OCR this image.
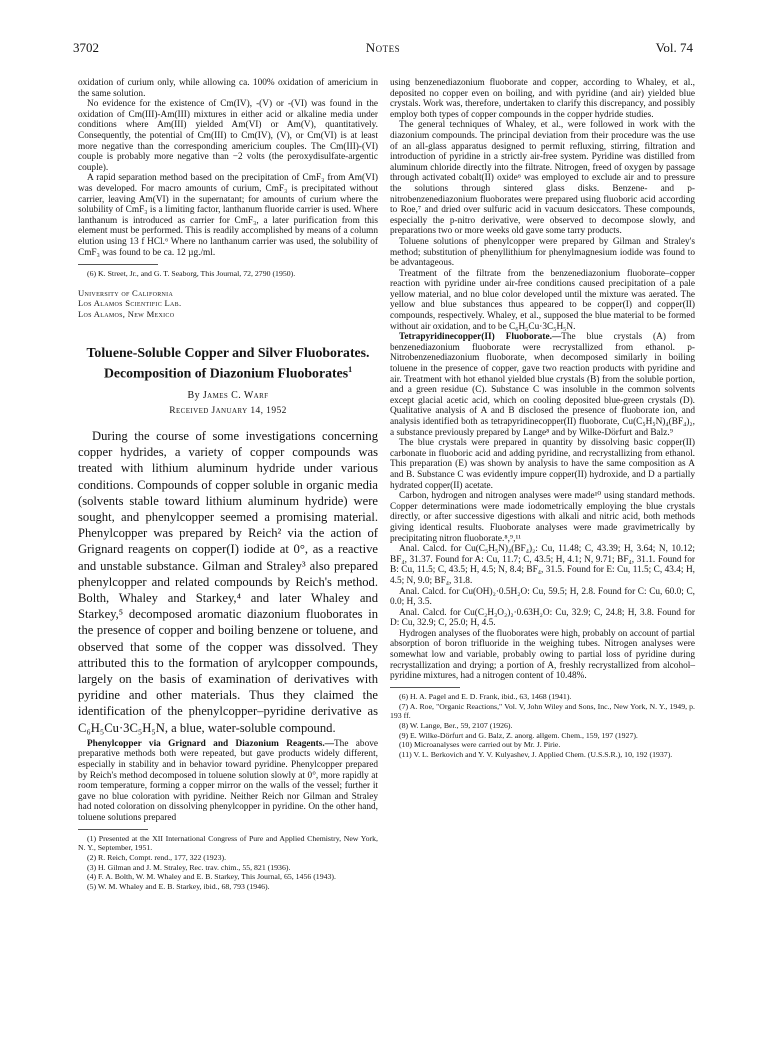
3702	Notes	Vol. 74

oxidation of curium only, while allowing ca. 100% oxidation of americium in the same solution.

No evidence for the existence of Cm(IV), -(V) or -(VI) was found in the oxidation of Cm(III)-Am(III) mixtures in either acid or alkaline media under conditions where Am(III) yielded Am(VI) or Am(V), quantitatively. Consequently, the potential of Cm(III) to Cm(IV), (V), or Cm(VI) is at least more negative than the corresponding americium couples. The Cm(III)-(VI) couple is probably more negative than −2 volts (the peroxydisulfate-argentic couple).

A rapid separation method based on the precipitation of CmF₃ from Am(VI) was developed. For macro amounts of curium, CmF₃ is precipitated without carrier, leaving Am(VI) in the supernatant; for amounts of curium where the solubility of CmF₃ is a limiting factor, lanthanum fluoride carrier is used. Where lanthanum is introduced as carrier for CmF₃, a later purification from this element must be performed. This is readily accomplished by means of a column elution using 13 f HCl.⁶ Where no lanthanum carrier was used, the solubility of CmF₃ was found to be ca. 12 µg./ml.

(6) K. Street, Jr., and G. T. Seaborg, This Journal, 72, 2790 (1950).

University of California
Los Alamos Scientific Lab.
Los Alamos, New Mexico
Toluene-Soluble Copper and Silver Fluoborates. Decomposition of Diazonium Fluoborates$^1$
By James C. Warf
Received January 14, 1952

During the course of some investigations concerning copper hydrides, a variety of copper compounds was treated with lithium aluminum hydride under various conditions. Compounds of copper soluble in organic media (solvents stable toward lithium aluminum hydride) were sought, and phenylcopper seemed a promising material. Phenylcopper was prepared by Reich² via the action of Grignard reagents on copper(I) iodide at 0°, as a reactive and unstable substance. Gilman and Straley³ also prepared phenylcopper and related compounds by Reich's method. Bolth, Whaley and Starkey,⁴ and later Whaley and Starkey,⁵ decomposed aromatic diazonium fluoborates in the presence of copper and boiling benzene or toluene, and observed that some of the copper was dissolved. They attributed this to the formation of arylcopper compounds, largely on the basis of examination of derivatives with pyridine and other materials. Thus they claimed the identification of the phenylcopper–pyridine derivative as C₆H₅Cu·3C₅H₅N, a blue, water-soluble compound.

Phenylcopper via Grignard and Diazonium Reagents.—The above preparative methods both were repeated, but gave products widely different, especially in stability and in behavior toward pyridine. Phenylcopper prepared by Reich's method decomposed in toluene solution slowly at 0°, more rapidly at room temperature, forming a copper mirror on the walls of the vessel; further it gave no blue coloration with pyridine. Neither Reich nor Gilman and Straley had noted coloration on dissolving phenylcopper in pyridine. On the other hand, toluene solutions prepared

(1) Presented at the XII International Congress of Pure and Applied Chemistry, New York, N. Y., September, 1951.

(2) R. Reich, Compt. rend., 177, 322 (1923).

(3) H. Gilman and J. M. Straley, Rec. trav. chim., 55, 821 (1936).

(4) F. A. Bolth, W. M. Whaley and E. B. Starkey, This Journal, 65, 1456 (1943).

(5) W. M. Whaley and E. B. Starkey, ibid., 68, 793 (1946).

using benzenediazonium fluoborate and copper, according to Whaley, et al., deposited no copper even on boiling, and with pyridine (and air) yielded blue crystals. Work was, therefore, undertaken to clarify this discrepancy, and possibly employ both types of copper compounds in the copper hydride studies.

The general techniques of Whaley, et al., were followed in work with the diazonium compounds. The principal deviation from their procedure was the use of an all-glass apparatus designed to permit refluxing, stirring, filtration and introduction of pyridine in a strictly air-free system. Pyridine was distilled from aluminum chloride directly into the filtrate. Nitrogen, freed of oxygen by passage through activated cobalt(II) oxide⁶ was employed to exclude air and to pressure the solutions through sintered glass disks. Benzene- and p-nitrobenzenediazonium fluoborates were prepared using fluoboric acid according to Roe,⁷ and dried over sulfuric acid in vacuum desiccators. These compounds, especially the p-nitro derivative, were observed to decompose slowly, and preparations two or more weeks old gave some tarry products.

Toluene solutions of phenylcopper were prepared by Gilman and Straley's method; substitution of phenyllithium for phenylmagnesium iodide was found to be advantageous.

Treatment of the filtrate from the benzenediazonium fluoborate–copper reaction with pyridine under air-free conditions caused precipitation of a pale yellow material, and no blue color developed until the mixture was aerated. The yellow and blue substances thus appeared to be copper(I) and copper(II) compounds, respectively. Whaley, et al., supposed the blue material to be formed without air oxidation, and to be C₆H₅Cu·3C₅H₅N.

Tetrapyridinecopper(II) Fluoborate.—The blue crystals (A) from benzenediazonium fluoborate were recrystallized from ethanol. p-Nitrobenzenediazonium fluoborate, when decomposed similarly in boiling toluene in the presence of copper, gave two reaction products with pyridine and air. Treatment with hot ethanol yielded blue crystals (B) from the soluble portion, and a green residue (C). Substance C was insoluble in the common solvents except glacial acetic acid, which on cooling deposited blue-green crystals (D). Qualitative analysis of A and B disclosed the presence of fluoborate ion, and analysis identified both as tetrapyridinecopper(II) fluoborate, Cu(C₅H₅N)₄(BF₄)₂, a substance previously prepared by Lange⁸ and by Wilke-Dörfurt and Balz.⁹

The blue crystals were prepared in quantity by dissolving basic copper(II) carbonate in fluoboric acid and adding pyridine, and recrystallizing from ethanol. This preparation (E) was shown by analysis to have the same composition as A and B. Substance C was evidently impure copper(II) hydroxide, and D a partially hydrated copper(II) acetate.

Carbon, hydrogen and nitrogen analyses were made¹⁰ using standard methods. Copper determinations were made iodometrically employing the blue crystals directly, or after successive digestions with alkali and nitric acid, both methods giving identical results. Fluoborate analyses were made gravimetrically by precipitating nitron fluoborate.⁸,⁹,¹¹

Anal. Calcd. for Cu(C₅H₅N)₄(BF₄)₂: Cu, 11.48; C, 43.39; H, 3.64; N, 10.12; BF₄, 31.37. Found for A: Cu, 11.7; C, 43.5; H, 4.1; N, 9.71; BF₄, 31.1. Found for B: Cu, 11.5; C, 43.5; H, 4.5; N, 8.4; BF₄, 31.5. Found for E: Cu, 11.5; C, 43.4; H, 4.5; N, 9.0; BF₄, 31.8.

Anal. Calcd. for Cu(OH)₂·0.5H₂O: Cu, 59.5; H, 2.8. Found for C: Cu, 60.0; C, 0.0; H, 3.5.

Anal. Calcd. for Cu(C₂H₃O₂)₂·0.63H₂O: Cu, 32.9; C, 24.8; H, 3.8. Found for D: Cu, 32.9; C, 25.0; H, 4.5.

Hydrogen analyses of the fluoborates were high, probably on account of partial absorption of boron trifluoride in the weighing tubes. Nitrogen analyses were somewhat low and variable, probably owing to partial loss of pyridine during recrystallization and drying; a portion of A, freshly recrystallized from alcohol–pyridine mixtures, had a nitrogen content of 10.48%.

(6) H. A. Pagel and E. D. Frank, ibid., 63, 1468 (1941).

(7) A. Roe, "Organic Reactions," Vol. V, John Wiley and Sons, Inc., New York, N. Y., 1949, p. 193 ff.

(8) W. Lange, Ber., 59, 2107 (1926).

(9) E. Wilke-Dörfurt and G. Balz, Z. anorg. allgem. Chem., 159, 197 (1927).

(10) Microanalyses were carried out by Mr. J. Pirie.

(11) V. L. Berkovich and Y. V. Kulyashev, J. Applied Chem. (U.S.S.R.), 10, 192 (1937).
